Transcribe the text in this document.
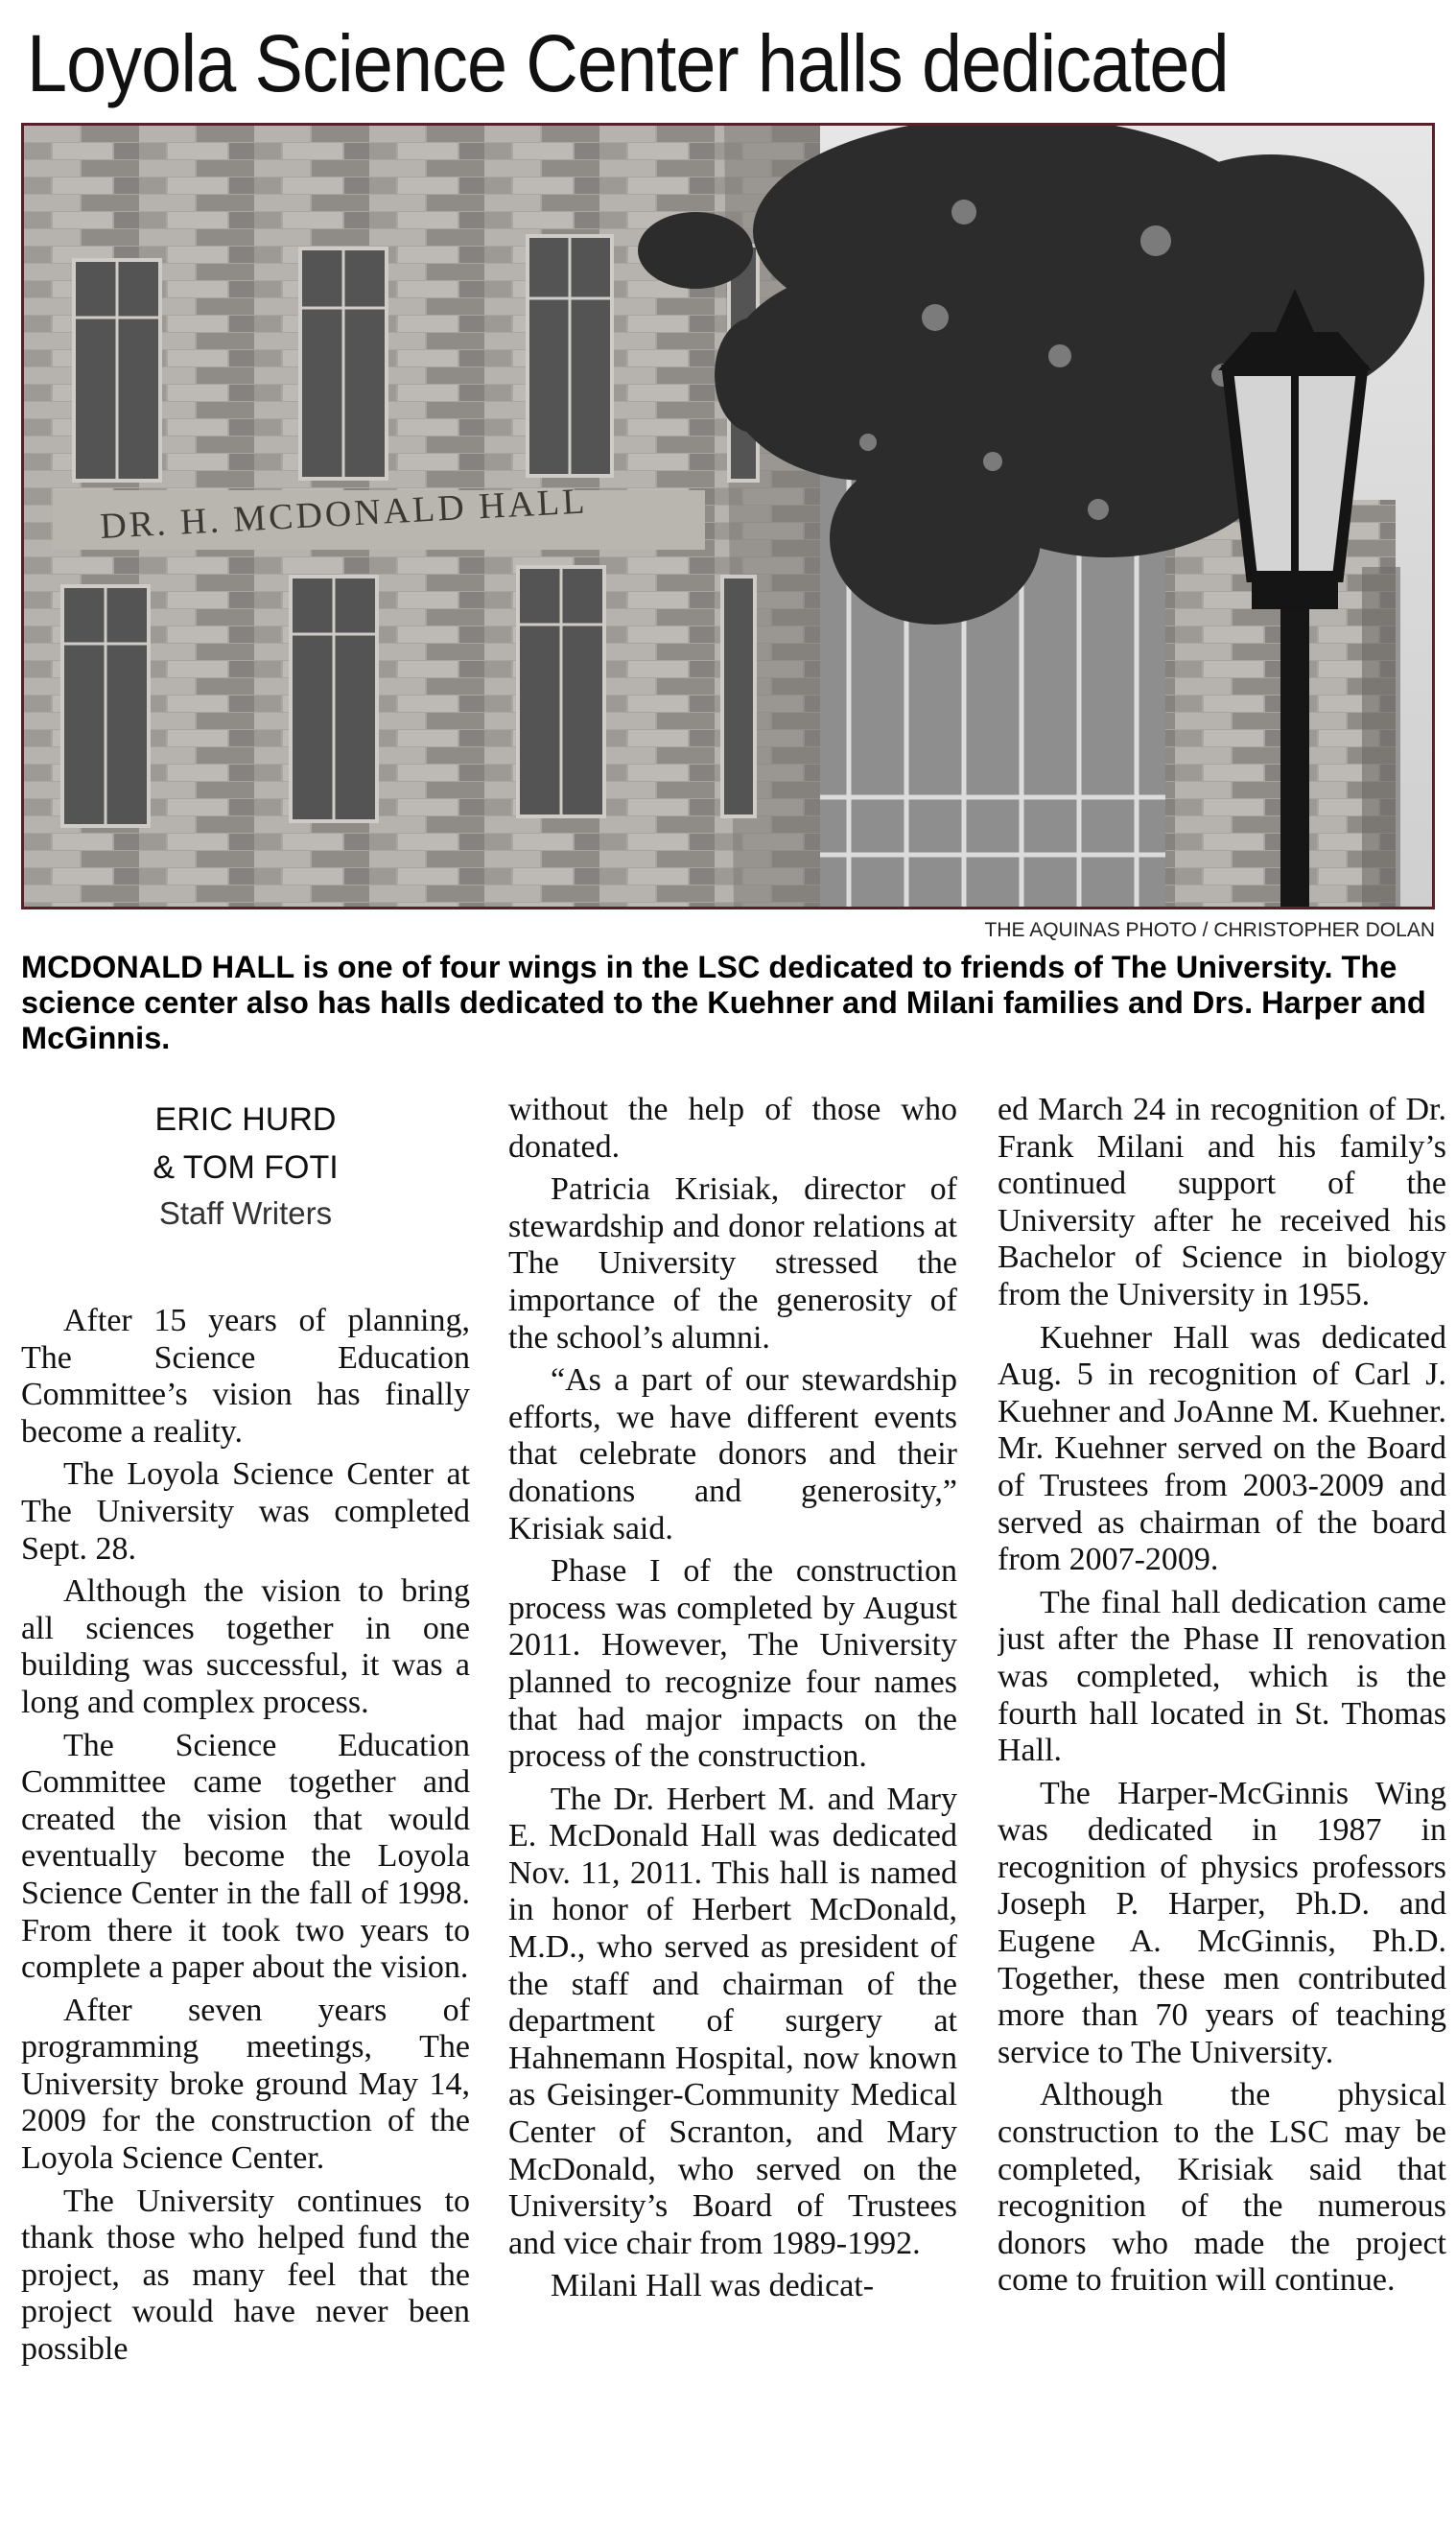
Loyola Science Center halls dedicated
DR. H. MCDONALD HALL
THE AQUINAS PHOTO / CHRISTOPHER DOLAN

MCDONALD HALL is one of four wings in the LSC dedicated to friends of The University. The science center also has halls dedicated to the Kuehner and Milani families and Drs. Harper and McGinnis.

ERIC HURD
& TOM FOTI
Staff Writers

After 15 years of planning, The Science Education Committee’s vision has finally become a reality.

The Loyola Science Center at The University was completed Sept. 28.

Although the vision to bring all sciences together in one building was successful, it was a long and complex process.

The Science Education Committee came together and created the vision that would eventually become the Loyola Science Center in the fall of 1998. From there it took two years to complete a paper about the vision.

After seven years of programming meetings, The University broke ground May 14, 2009 for the construction of the Loyola Science Center.

The University continues to thank those who helped fund the project, as many feel that the project would have never been possible

without the help of those who donated.

Patricia Krisiak, director of stewardship and donor relations at The University stressed the importance of the generosity of the school’s alumni.

“As a part of our stewardship efforts, we have different events that celebrate donors and their donations and generosity,” Krisiak said.

Phase I of the construction process was completed by August 2011. However, The University planned to recognize four names that had major impacts on the process of the construction.

The Dr. Herbert M. and Mary E. McDonald Hall was dedicated Nov. 11, 2011. This hall is named in honor of Herbert McDonald, M.D., who served as president of the staff and chairman of the department of surgery at Hahnemann Hospital, now known as Geisinger-Community Medical Center of Scranton, and Mary McDonald, who served on the University’s Board of Trustees and vice chair from 1989-1992.

Milani Hall was dedicat-

ed March 24 in recognition of Dr. Frank Milani and his family’s continued support of the University after he received his Bachelor of Science in biology from the University in 1955.

Kuehner Hall was dedicated Aug. 5 in recognition of Carl J. Kuehner and JoAnne M. Kuehner. Mr. Kuehner served on the Board of Trustees from 2003-2009 and served as chairman of the board from 2007-2009.

The final hall dedication came just after the Phase II renovation was completed, which is the fourth hall located in St. Thomas Hall.

The Harper-McGinnis Wing was dedicated in 1987 in recognition of physics professors Joseph P. Harper, Ph.D. and Eugene A. McGinnis, Ph.D. Together, these men contributed more than 70 years of teaching service to The University.

Although the physical construction to the LSC may be completed, Krisiak said that recognition of the numerous donors who made the project come to fruition will continue.
